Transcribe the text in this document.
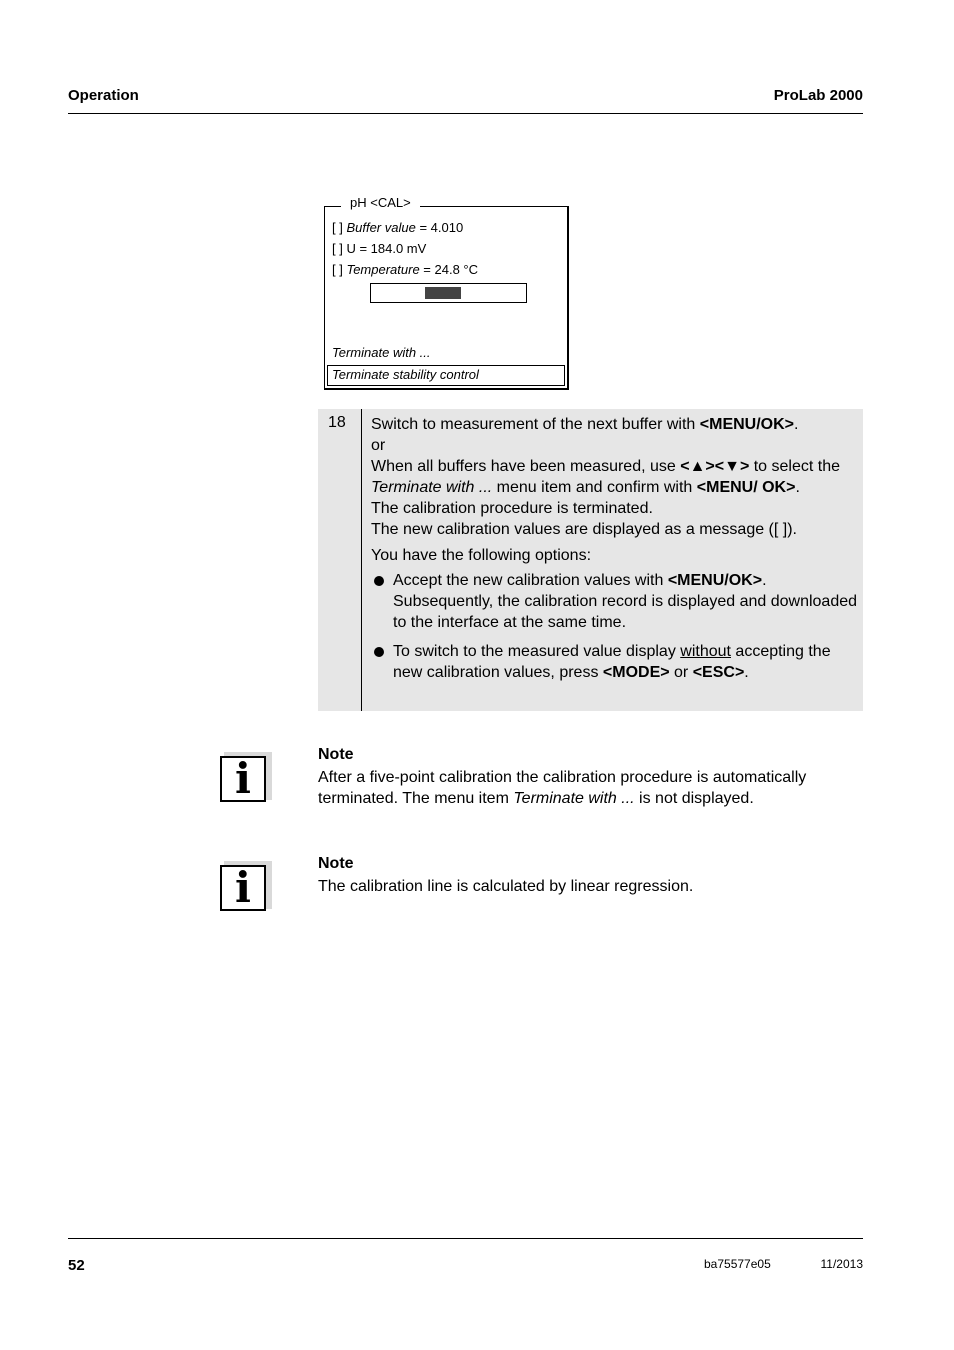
Operation	ProLab 2000
[ ] Buffer value = 4.010
[ ] U = 184.0 mV
[ ] Temperature = 24.8 °C
Terminate with ...
Terminate stability control
pH <CAL>
18 Switch to measurement of the next buffer with <MENU/OK>.

or

When all buffers have been measured, use <▲><▼> to select the Terminate with ... menu item and confirm with <MENU/ OK>.

The calibration procedure is terminated.

The new calibration values are displayed as a message ([ ]).

You have the following options:

Accept the new calibration values with <MENU/OK>. Subsequently, the calibration record is displayed and downloaded to the interface at the same time.
To switch to the measured value display without accepting the new calibration values, press <MODE> or <ESC>.
i	Note
After a five-point calibration the calibration procedure is automatically terminated. The menu item Terminate with ... is not displayed.
i	Note
The calibration line is calculated by linear regression.
52	ba75577e05	11/2013
